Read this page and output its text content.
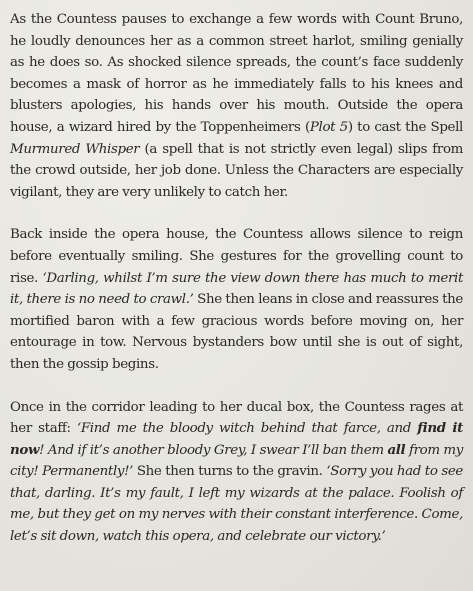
As the Countess pauses to exchange a few words with Count Bruno, he loudly denounces her as a common street harlot, smiling genially as he does so. As shocked silence spreads, the count’s face suddenly becomes a mask of horror as he immediately falls to his knees and blusters apologies, his hands over his mouth. Outside the opera house, a wizard hired by the Toppenheimers (Plot 5) to cast the Spell Murmured Whisper (a spell that is not strictly even legal) slips from the crowd outside, her job done. Unless the Characters are especially vigilant, they are very unlikely to catch her.

Back inside the opera house, the Countess allows silence to reign before eventually smiling. She gestures for the grovelling count to rise. ‘Darling, whilst I’m sure the view down there has much to merit it, there is no need to crawl.’ She then leans in close and reassures the mortified baron with a few gracious words before moving on, her entourage in tow. Nervous bystanders bow until she is out of sight, then the gossip begins.

Once in the corridor leading to her ducal box, the Countess rages at her staff: ‘Find me the bloody witch behind that farce, and find it now! And if it’s another bloody Grey, I swear I’ll ban them all from my city! Permanently!’ She then turns to the gravin. ‘Sorry you had to see that, darling. It’s my fault, I left my wizards at the palace. Foolish of me, but they get on my nerves with their constant interference. Come, let’s sit down, watch this opera, and celebrate our victory.’
